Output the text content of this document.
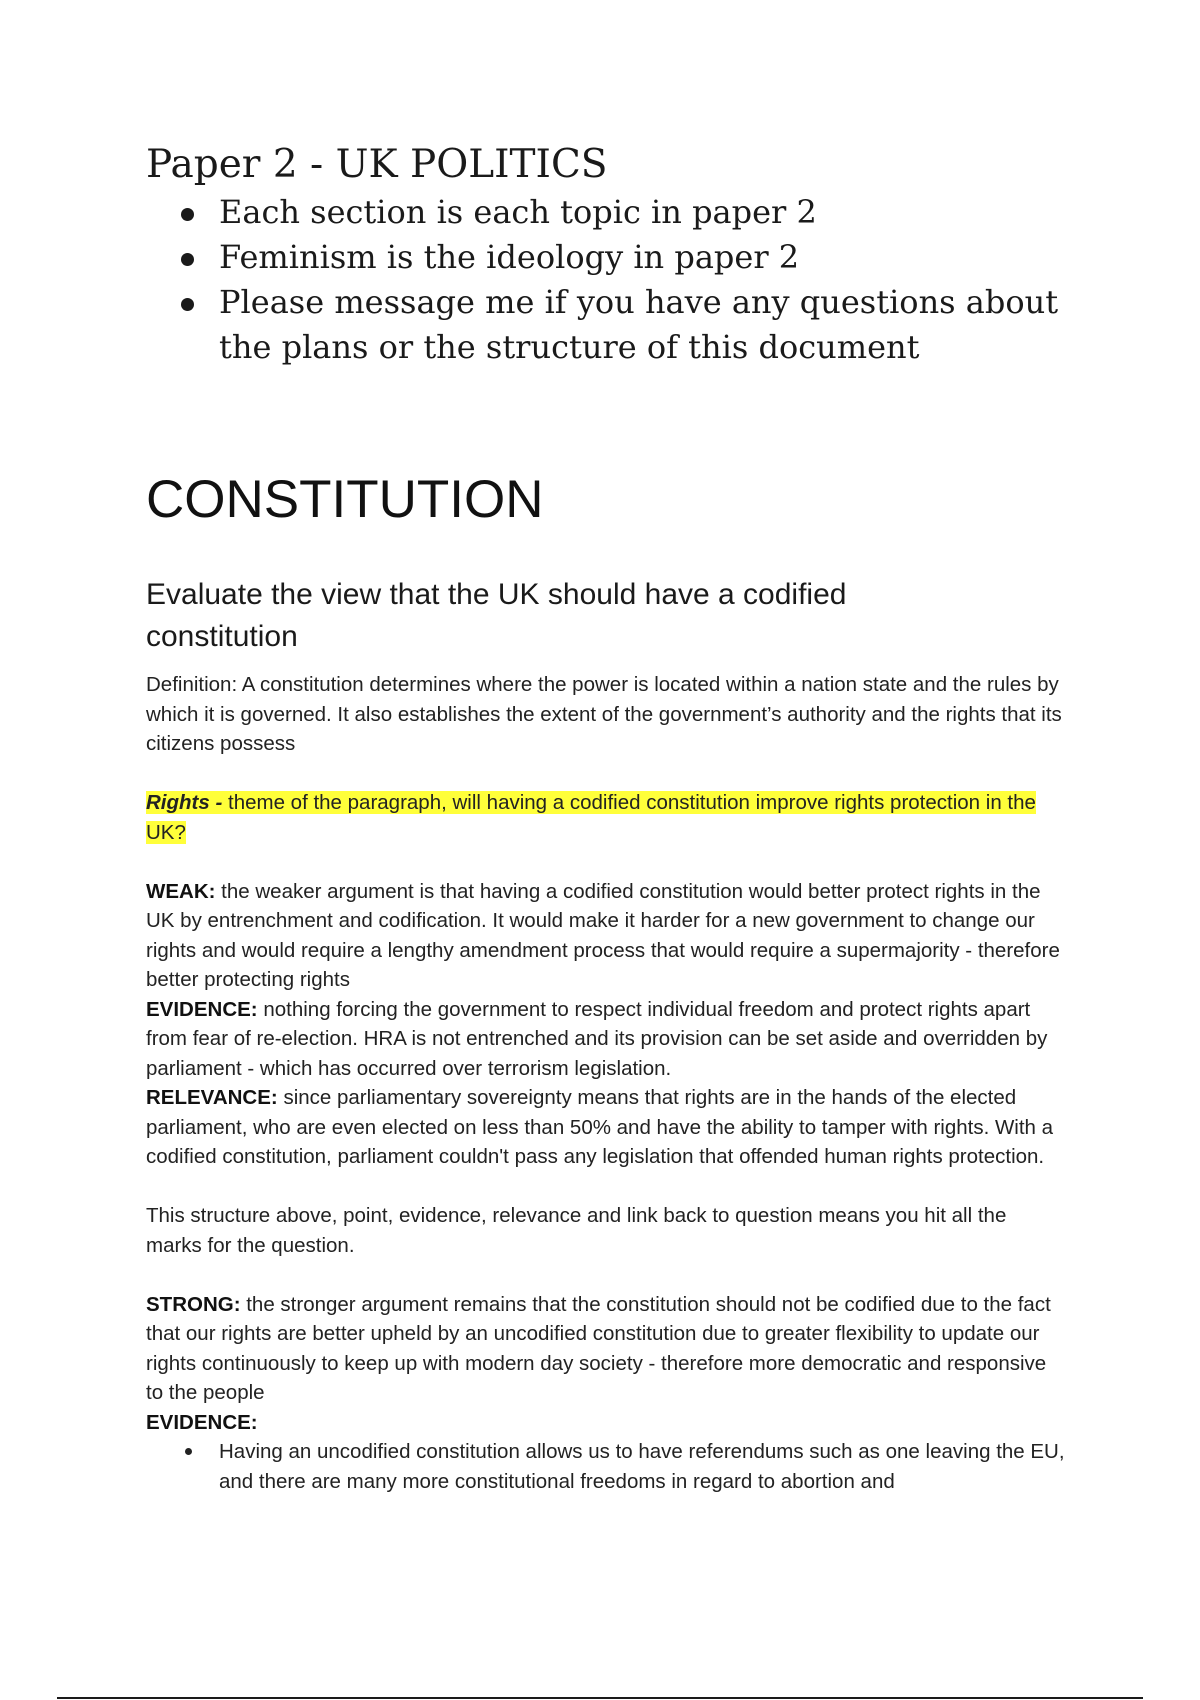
Paper 2 - UK POLITICS
Each section is each topic in paper 2
Feminism is the ideology in paper 2
Please message me if you have any questions about the plans or the structure of this document
CONSTITUTION
Evaluate the view that the UK should have a codified constitution

Definition: A constitution determines where the power is located within a nation state and the rules by which it is governed. It also establishes the extent of the government’s authority and the rights that its citizens possess

Rights - theme of the paragraph, will having a codified constitution improve rights protection in the UK?

WEAK: the weaker argument is that having a codified constitution would better protect rights in the UK by entrenchment and codification. It would make it harder for a new government to change our rights and would require a lengthy amendment process that would require a supermajority - therefore better protecting rights

EVIDENCE: nothing forcing the government to respect individual freedom and protect rights apart from fear of re-election. HRA is not entrenched and its provision can be set aside and overridden by parliament - which has occurred over terrorism legislation.

RELEVANCE: since parliamentary sovereignty means that rights are in the hands of the elected parliament, who are even elected on less than 50% and have the ability to tamper with rights. With a codified constitution, parliament couldn't pass any legislation that offended human rights protection.

This structure above, point, evidence, relevance and link back to question means you hit all the marks for the question.

STRONG: the stronger argument remains that the constitution should not be codified due to the fact that our rights are better upheld by an uncodified constitution due to greater flexibility to update our rights continuously to keep up with modern day society - therefore more democratic and responsive to the people

EVIDENCE:

Having an uncodified constitution allows us to have referendums such as one leaving the EU, and there are many more constitutional freedoms in regard to abortion and
